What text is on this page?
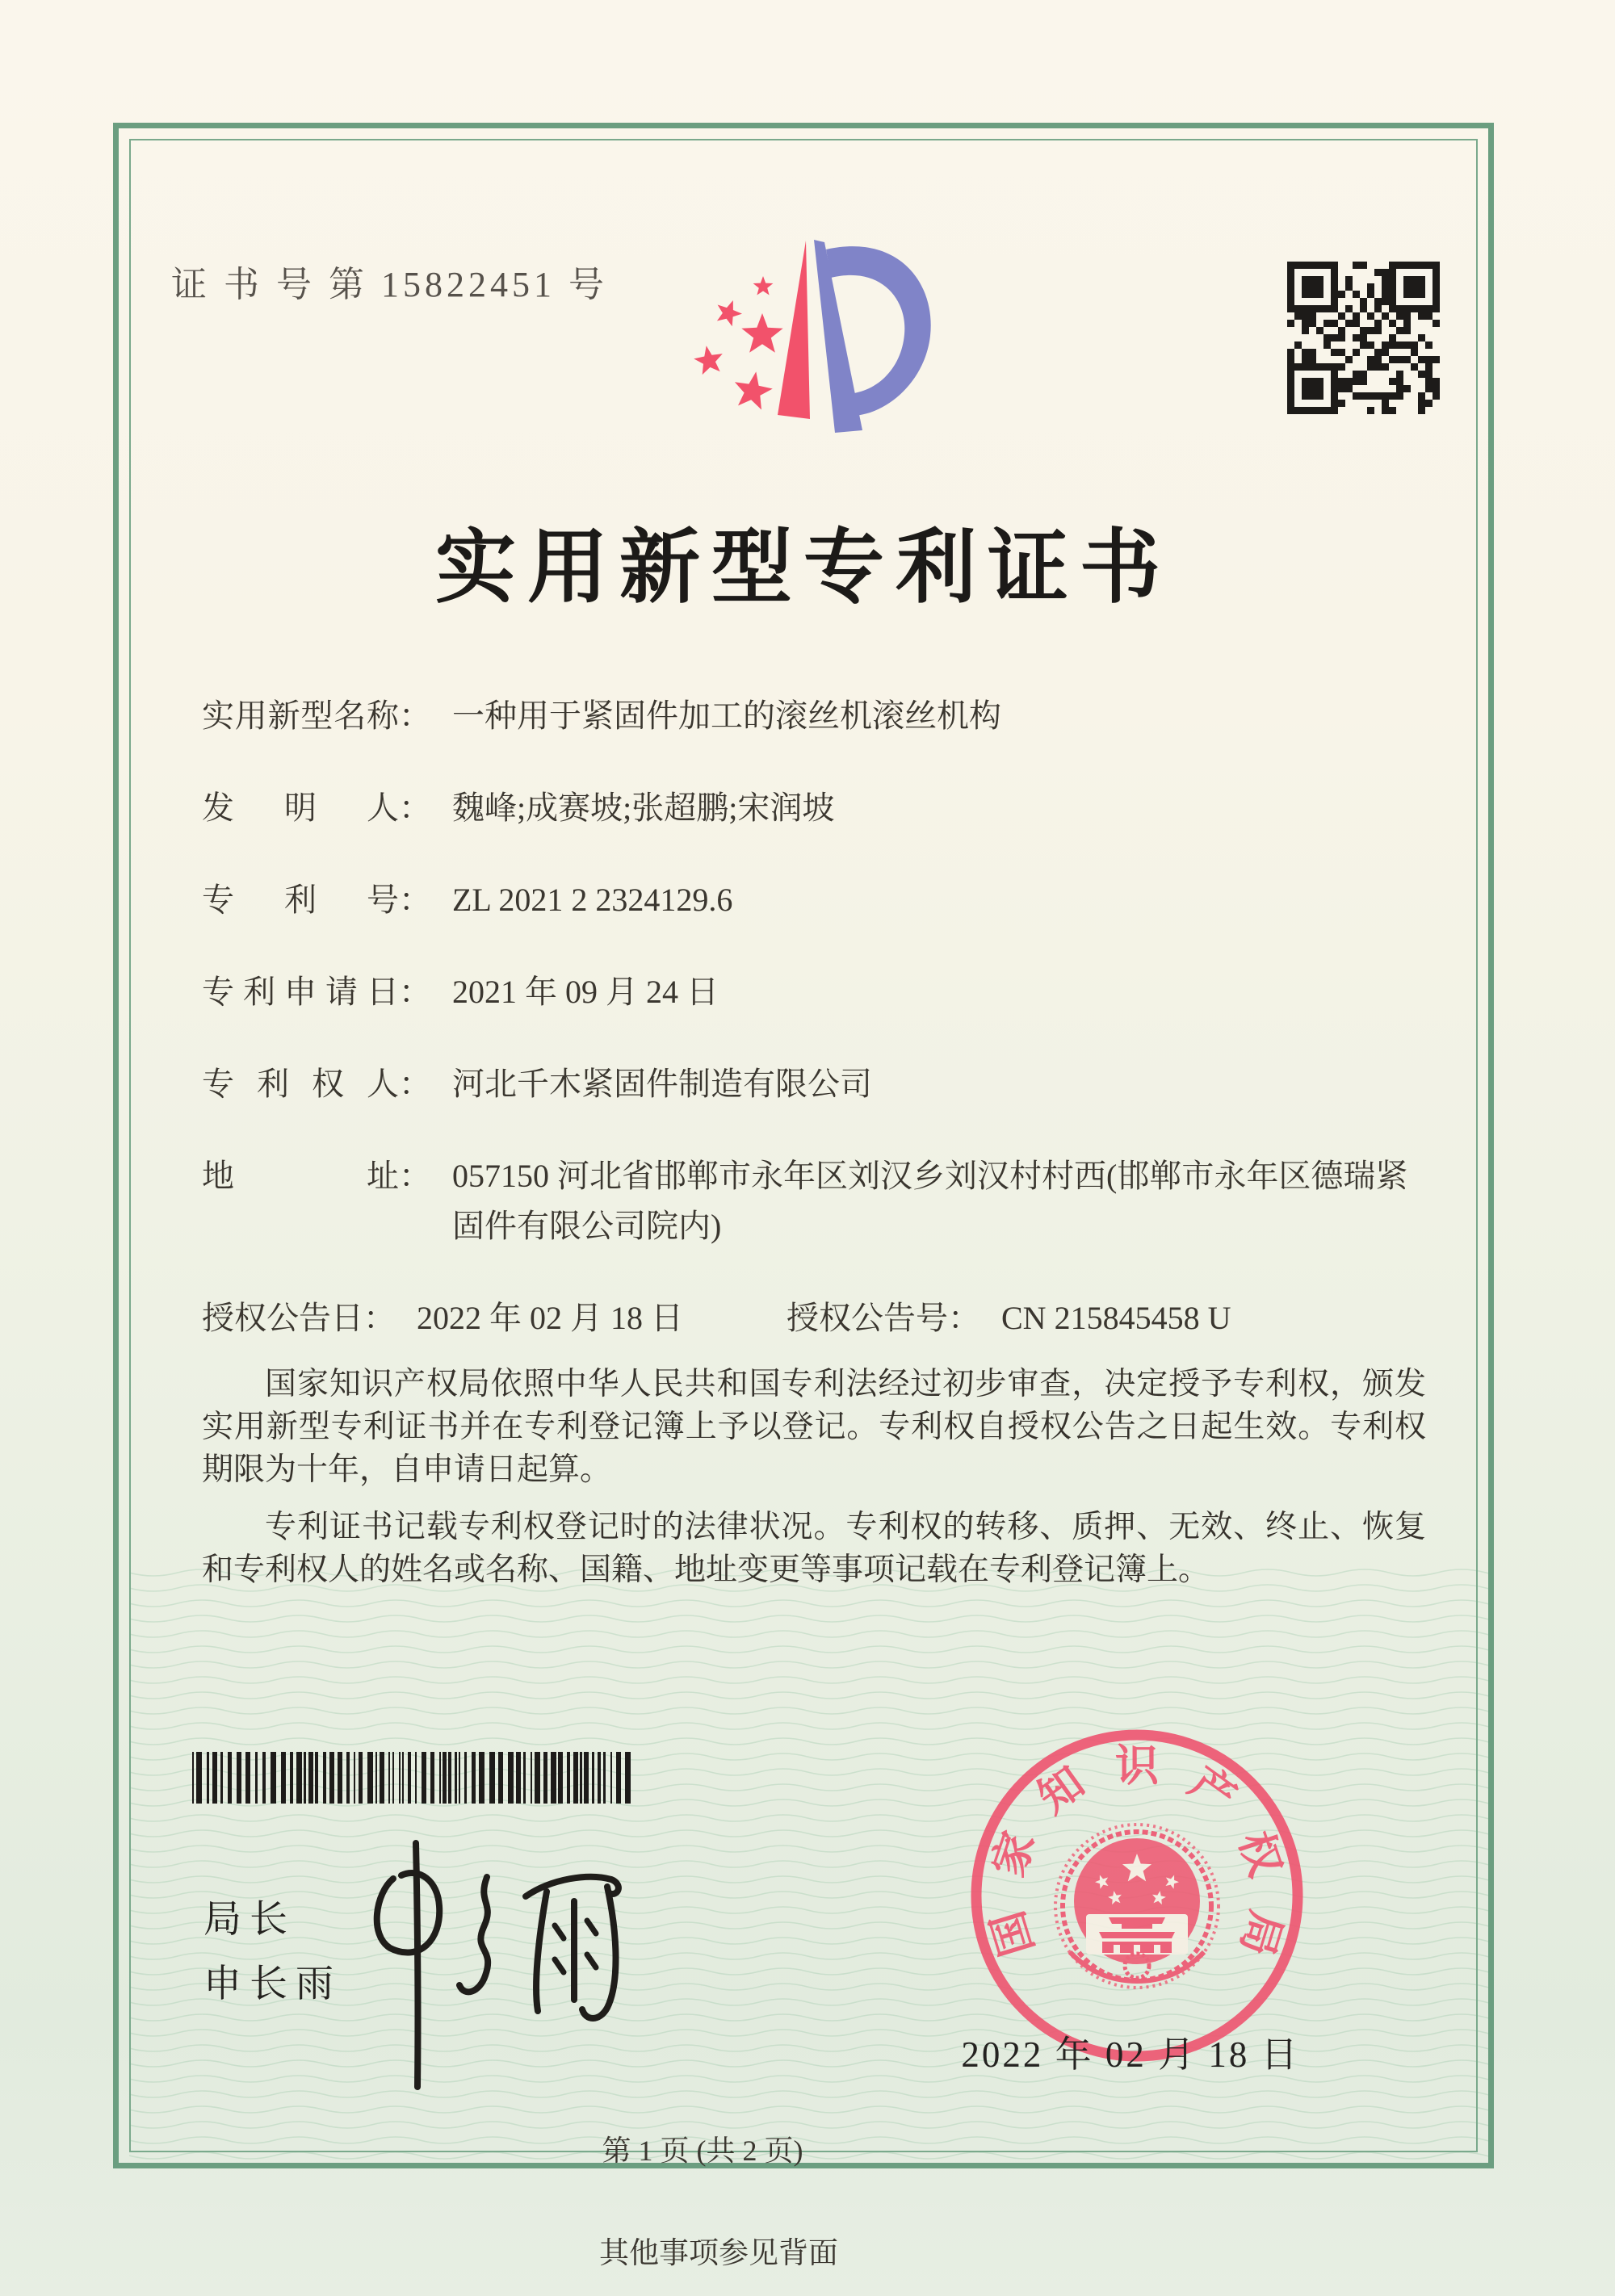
证 书 号 第 15822451 号
实用新型专利证书
实用新型名称 ： 一种用于紧固件加工的滚丝机滚丝机构
发明人 ： 魏峰;成赛坡;张超鹏;宋润坡
专利号 ： ZL 2021 2 2324129.6
专利申请日 ： 2021 年 09 月 24 日
专利权人 ： 河北千木紧固件制造有限公司
地址 ： 057150 河北省邯郸市永年区刘汉乡刘汉村村西(邯郸市永年区德瑞紧固件有限公司院内)
授权公告日 ： 2022 年 02 月 18 日	授权公告号 ： CN 215845458 U

国家知识产权局依照中华人民共和国专利法经过初步审查，决定授予专利权，颁发实用新型专利证书并在专利登记簿上予以登记。专利权自授权公告之日起生效。专利权期限为十年，自申请日起算。

专利证书记载专利权登记时的法律状况。专利权的转移、质押、无效、终止、恢复和专利权人的姓名或名称、国籍、地址变更等事项记载在专利登记簿上。

局长
申长雨
国
家
知 识 产
权
局
2022 年 02 月 18 日
第 1 页 (共 2 页)
其他事项参见背面
